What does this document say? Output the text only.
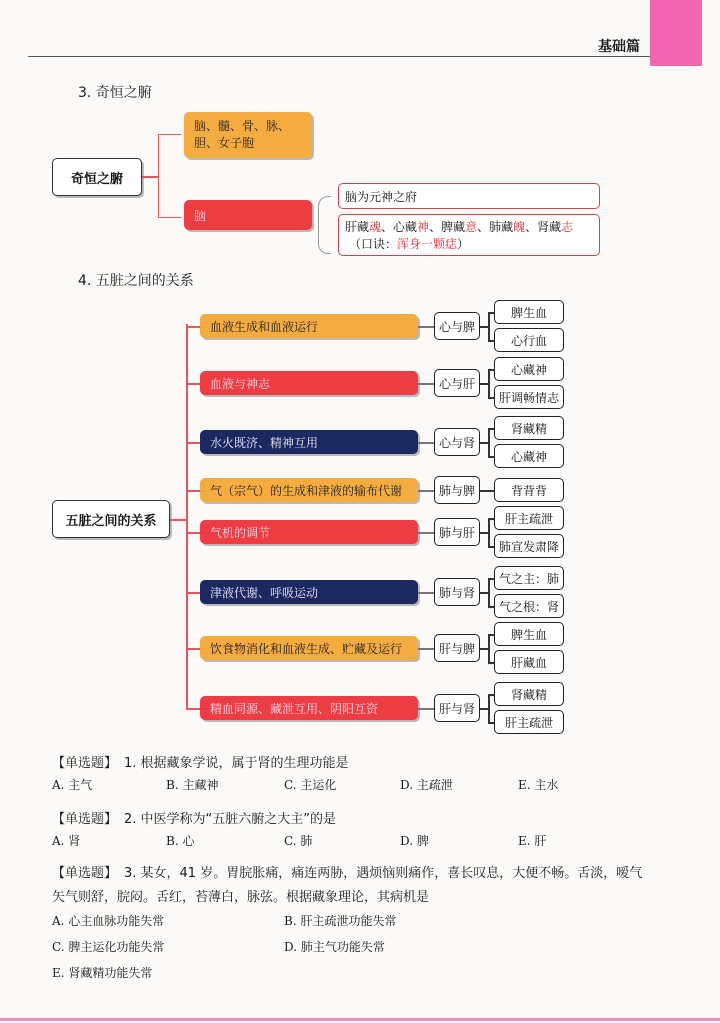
基础篇
3. 奇恒之腑
奇恒之腑
脑、髓、骨、脉、
胆、女子胞
脑
脑为元神之府
肝藏魂、心藏神、脾藏意、肺藏魄、肾藏志
（口诀：浑身一颗痣）
4. 五脏之间的关系
五脏之间的关系
血液生成和血液运行	心与脾
脾生血
心行血
血液与神志	心与肝
心藏神
肝调畅情志
水火既济、精神互用	心与肾
肾藏精
心藏神
气（宗气）的生成和津液的输布代谢	肺与脾	背背背
气机的调节	肺与肝
肝主疏泄
肺宣发肃降
津液代谢、呼吸运动	肺与肾
气之主：肺
气之根：肾
饮食物消化和血液生成、贮藏及运行	肝与脾
脾生血
肝藏血
精血同源、藏泄互用、阴阳互资	肝与肾
肾藏精
肝主疏泄
【单选题】 1. 根据藏象学说，属于肾的生理功能是
A. 主气	B. 主藏神	C. 主运化	D. 主疏泄	E. 主水
【单选题】 2. 中医学称为“五脏六腑之大主”的是
A. 肾	B. 心	C. 肺	D. 脾	E. 肝
【单选题】 3. 某女，41 岁。胃脘胀痛，痛连两胁，遇烦恼则痛作，喜长叹息，大便不畅。舌淡，嗳气
矢气则舒，脘闷。舌红，苔薄白，脉弦。根据藏象理论，其病机是
A. 心主血脉功能失常	B. 肝主疏泄功能失常
C. 脾主运化功能失常	D. 肺主气功能失常
E. 肾藏精功能失常
